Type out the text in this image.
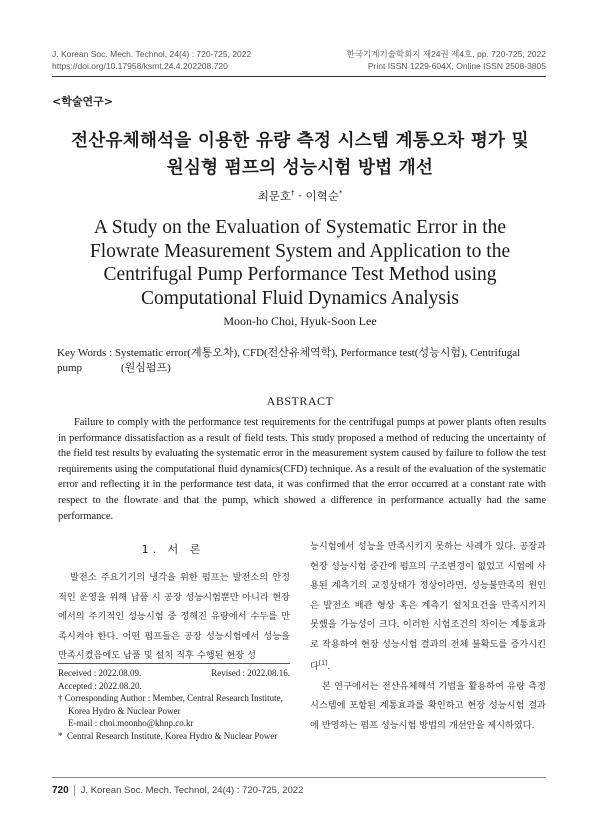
J. Korean Soc. Mech. Technol, 24(4) : 720-725, 2022
https://doi.org/10.17958/ksmt.24.4.202208.720
한국기계기술학회지 제24권 제4호, pp. 720-725, 2022
Print ISSN 1229-604X, Online ISSN 2508-3805
<학술연구>
전산유체해석을 이용한 유량 측정 시스템 계통오차 평가 및
원심형 펌프의 성능시험 방법 개선
최문호† · 이혁순*
A Study on the Evaluation of Systematic Error in the
Flowrate Measurement System and Application to the
Centrifugal Pump Performance Test Method using
Computational Fluid Dynamics Analysis
Moon-ho Choi, Hyuk-Soon Lee
Key Words : Systematic error(계통오차), CFD(전산유체역학), Performance test(성능시험), Centrifugal pump	(원심펌프)
ABSTRACT
Failure to comply with the performance test requirements for the centrifugal pumps at power plants often results in performance dissatisfaction as a result of field tests. This study proposed a method of reducing the uncertainty of the field test results by evaluating the systematic error in the measurement system caused by failure to follow the test requirements using the computational fluid dynamics(CFD) technique. As a result of the evaluation of the systematic error and reflecting it in the performance test data, it was confirmed that the error occurred at a constant rate with respect to the flowrate and that the pump, which showed a difference in performance actually had the same performance.
1. 서 론

발전소 주요기기의 냉각을 위한 펌프는 발전소의 안정적인 운영을 위해 납품 시 공장 성능시험뿐만 아니라 현장에서의 주기적인 성능시험 중 정해진 유량에서 수두를 만족시켜야 한다. 어떤 펌프들은 공장 성능시험에서 성능을 만족시켰음에도 납품 및 설치 직후 수행된 현장 성

Received : 2022.08.09.	Revised : 2022.08.16.
Accepted : 2022.08.20.
† Corresponding Author : Member, Central Research Institute,
Korea Hydro & Nuclear Power
E-mail : choi.moonho@khnp.co.kr
* Central Research Institute, Korea Hydro & Nuclear Power

능시험에서 성능을 만족시키지 못하는 사례가 있다. 공장과 현장 성능시험 중간에 펌프의 구조변경이 없었고 시험에 사용된 계측기의 교정상태가 정상이라면, 성능불만족의 원인은 발전소 배관 형상 혹은 계측기 설치요건을 만족시키지 못했을 가능성이 크다. 이러한 시험조건의 차이는 계통효과로 작용하여 현장 성능시험 결과의 전체 불확도를 증가시킨다[1].

본 연구에서는 전산유체해석 기법을 활용하여 유량 측정 시스템에 포함된 계통효과를 확인하고 현장 성능시험 결과에 반영하는 펌프 성능시험 방법의 개선안을 제시하였다.

720 J. Korean Soc. Mech. Technol, 24(4) : 720-725, 2022
